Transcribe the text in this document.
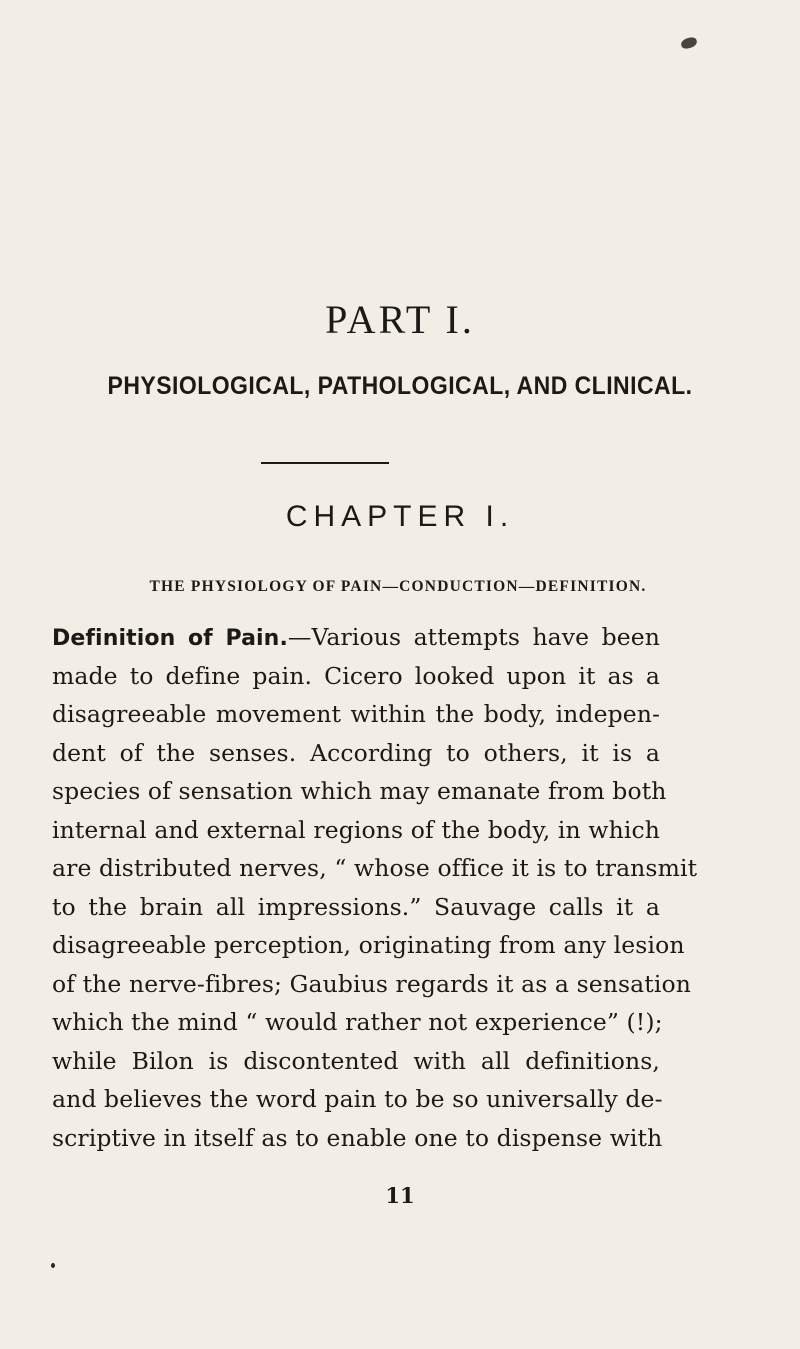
PART I.
PHYSIOLOGICAL, PATHOLOGICAL, AND CLINICAL.
CHAPTER I.
THE PHYSIOLOGY OF PAIN—CONDUCTION—DEFINITION.
Definition of Pain.—Various attempts have been
made to define pain. Cicero looked upon it as a
disagreeable movement within the body, indepen-
dent of the senses. According to others, it is a
species of sensation which may emanate from both
internal and external regions of the body, in which
are distributed nerves, “ whose office it is to transmit
to the brain all impressions.” Sauvage calls it a
disagreeable perception, originating from any lesion
of the nerve-fibres; Gaubius regards it as a sensation
which the mind “ would rather not experience” (!);
while Bilon is discontented with all definitions,
and believes the word pain to be so universally de-
scriptive in itself as to enable one to dispense with
11
